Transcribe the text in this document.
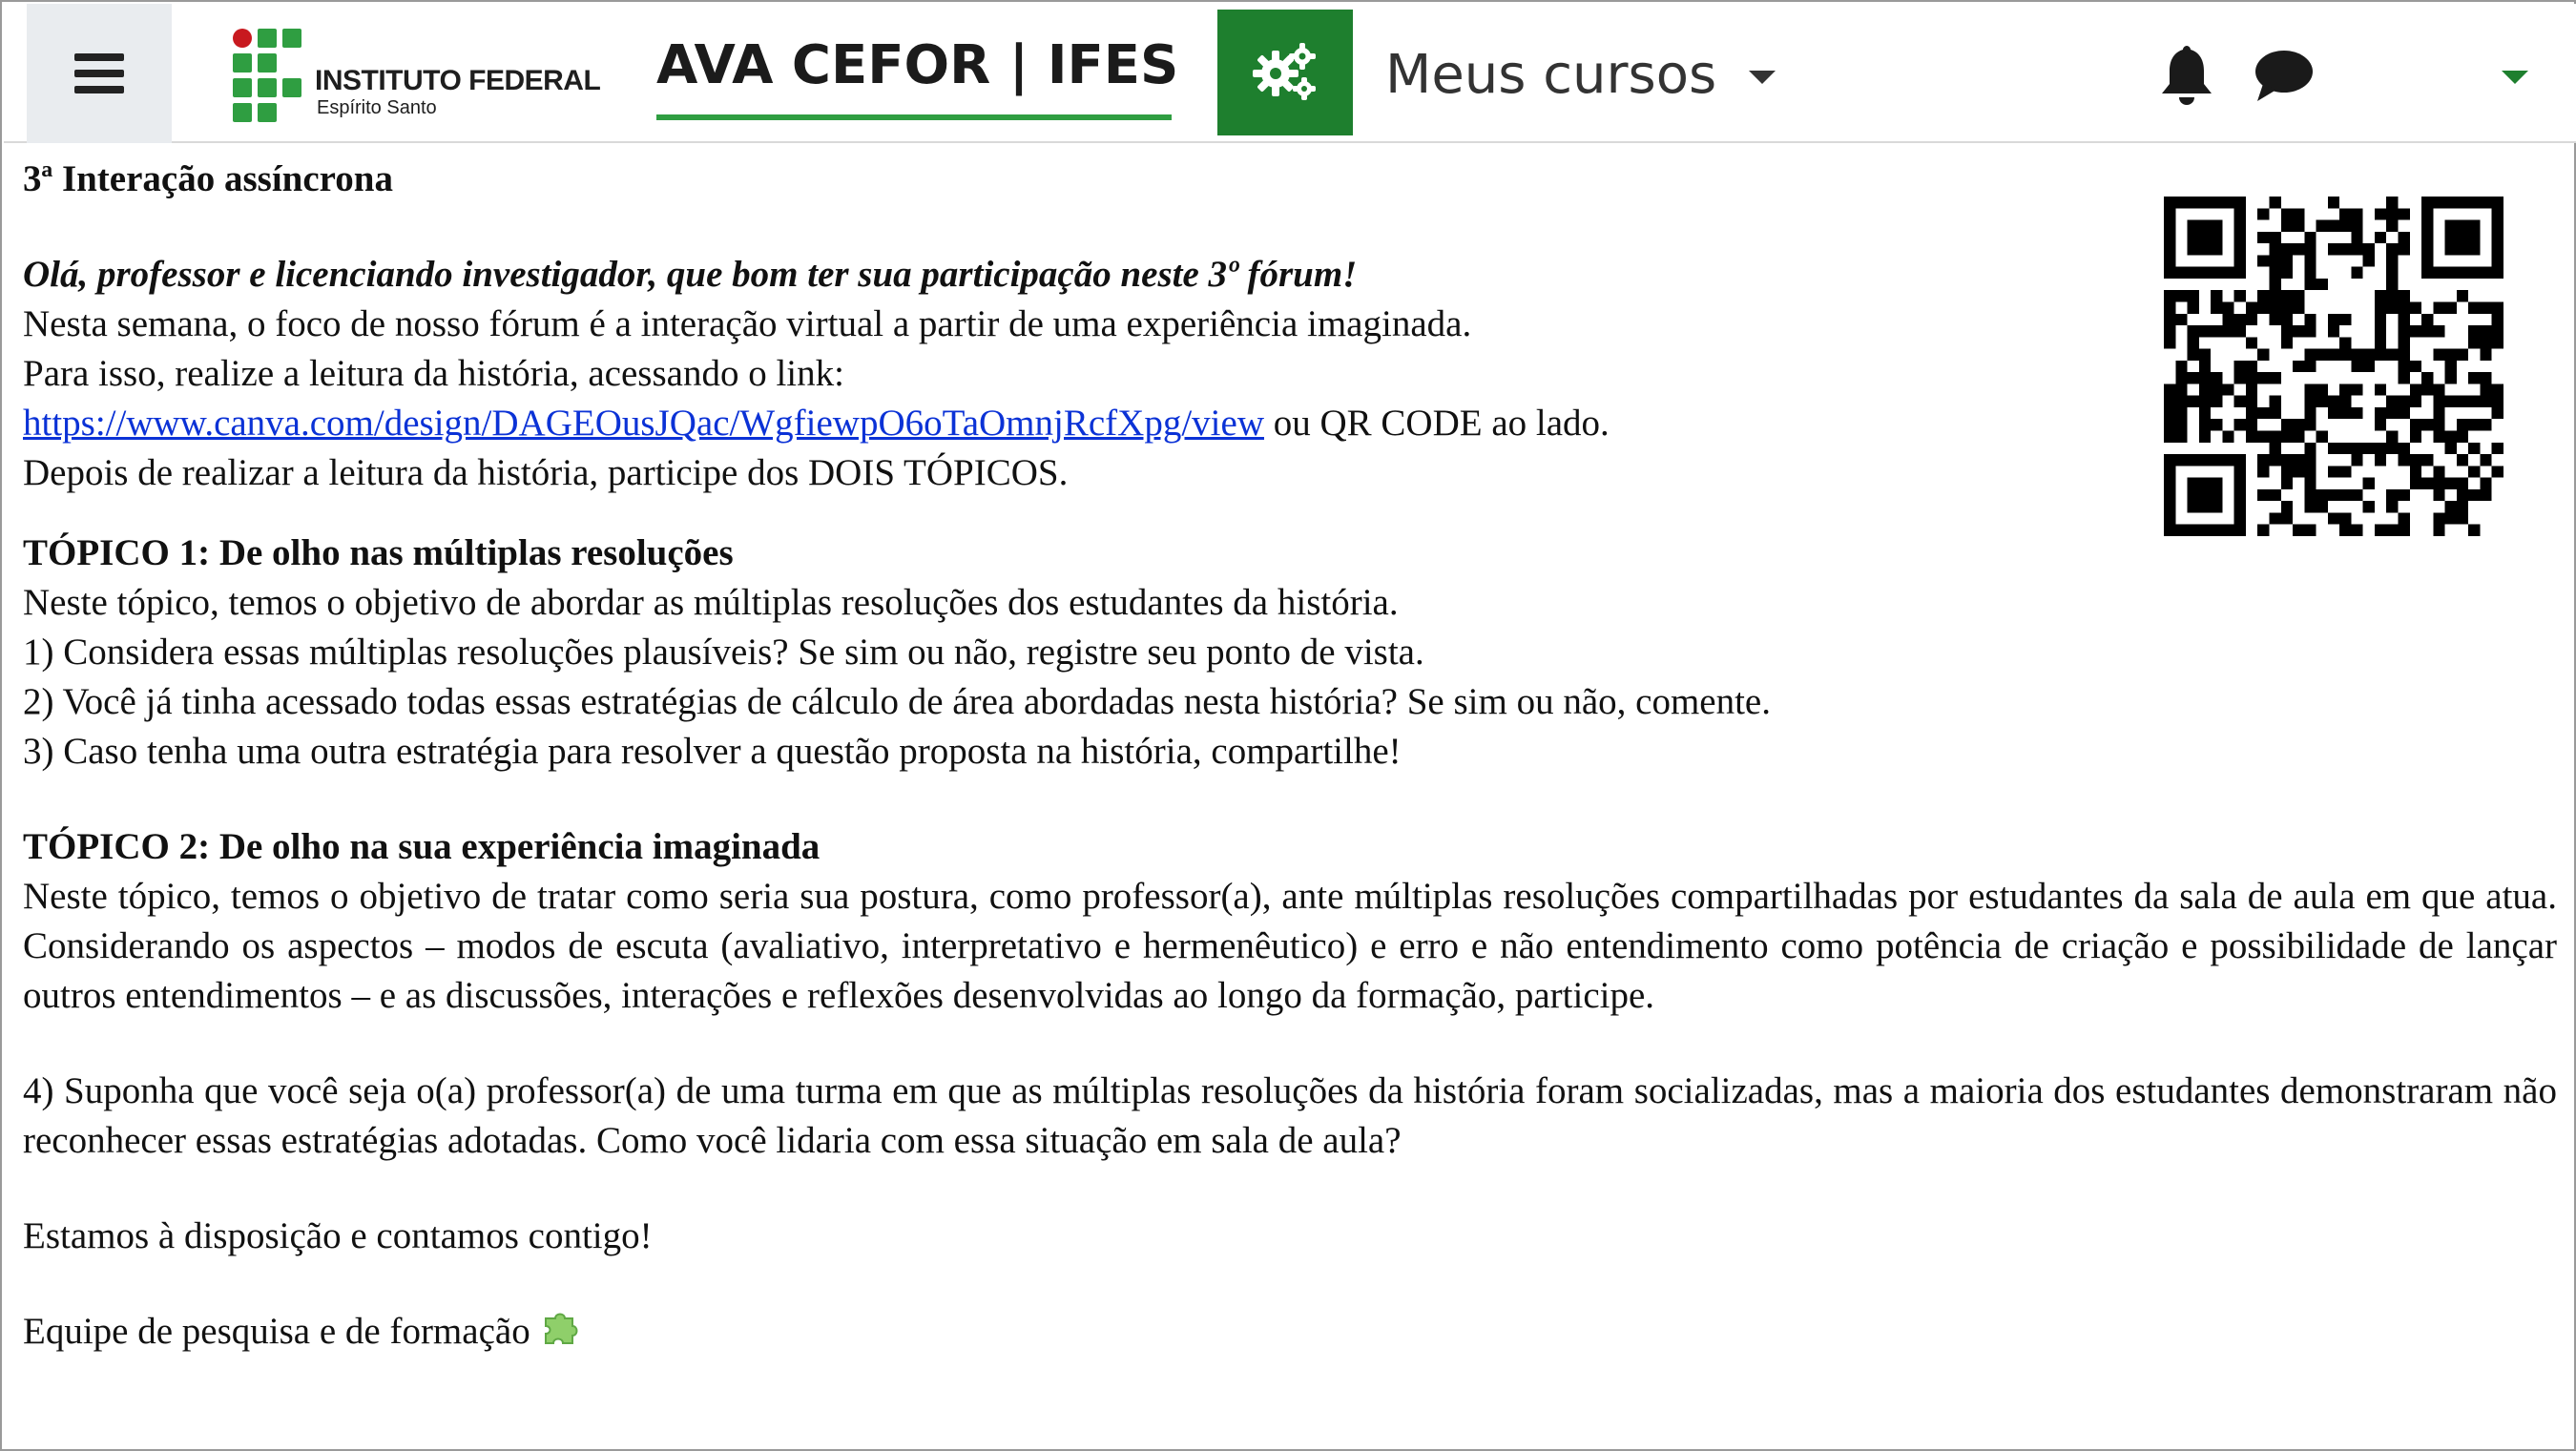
INSTITUTO FEDERAL
Espírito Santo
AVA CEFOR | IFES	Meus cursos

3ª Interação assíncrona

Olá, professor e licenciando investigador, que bom ter sua participação neste 3º fórum!

Nesta semana, o foco de nosso fórum é a interação virtual a partir de uma experiência imaginada.

Para isso, realize a leitura da história, acessando o link:

https://www.canva.com/design/DAGEOusJQac/WgfiewpO6oTaOmnjRcfXpg/view ou QR CODE ao lado.

Depois de realizar a leitura da história, participe dos DOIS TÓPICOS.

TÓPICO 1: De olho nas múltiplas resoluções

Neste tópico, temos o objetivo de abordar as múltiplas resoluções dos estudantes da história.

1) Considera essas múltiplas resoluções plausíveis? Se sim ou não, registre seu ponto de vista.

2) Você já tinha acessado todas essas estratégias de cálculo de área abordadas nesta história? Se sim ou não, comente.

3) Caso tenha uma outra estratégia para resolver a questão proposta na história, compartilhe!

TÓPICO 2: De olho na sua experiência imaginada

Neste tópico, temos o objetivo de tratar como seria sua postura, como professor(a), ante múltiplas resoluções compartilhadas por estudantes da sala de aula em que atua. Considerando os aspectos – modos de escuta (avaliativo, interpretativo e hermenêutico) e erro e não entendimento como potência de criação e possibilidade de lançar outros entendimentos – e as discussões, interações e reflexões desenvolvidas ao longo da formação, participe.

4) Suponha que você seja o(a) professor(a) de uma turma em que as múltiplas resoluções da história foram socializadas, mas a maioria dos estudantes demonstraram não reconhecer essas estratégias adotadas. Como você lidaria com essa situação em sala de aula?

Estamos à disposição e contamos contigo!

Equipe de pesquisa e de formação
